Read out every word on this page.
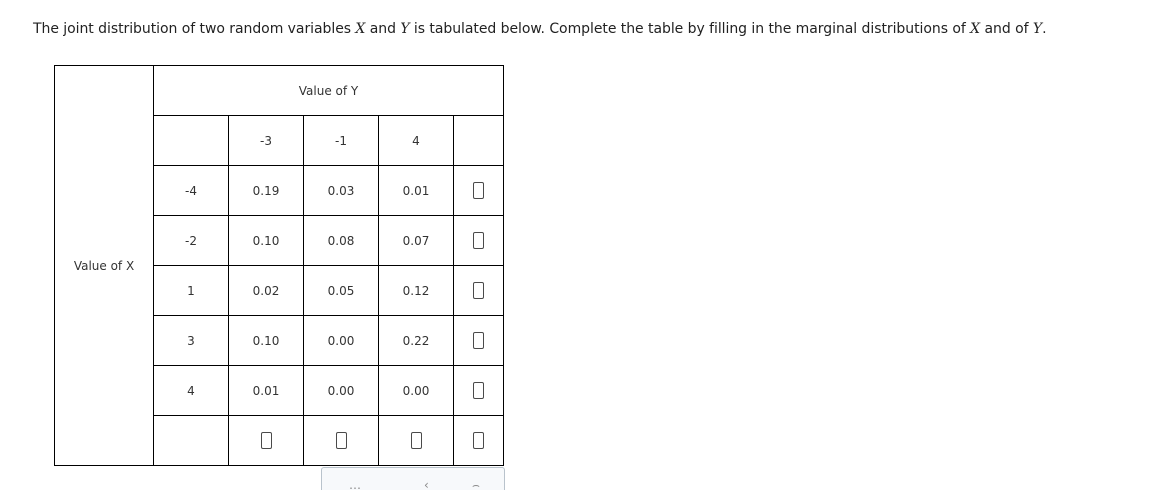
The joint distribution of two random variables X and Y is tabulated below. Complete the table by filling in the marginal distributions of X and of Y.
Value of X	Value of Y				
		-3	-1	4	
	-4	0.19	0.03	0.01	
	-2	0.10	0.08	0.07	
	1	0.02	0.05	0.12	
	3	0.10	0.00	0.22	
	4	0.01	0.00	0.00	

…	‹	⌢
